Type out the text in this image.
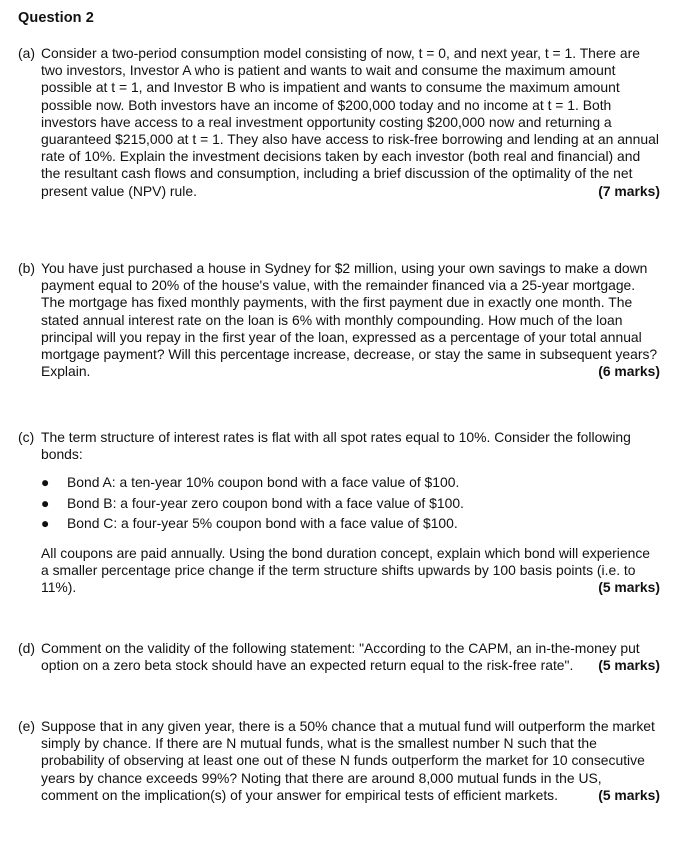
Question 2
(a) Consider a two-period consumption model consisting of now, t = 0, and next year, t = 1. There are two investors, Investor A who is patient and wants to wait and consume the maximum amount possible at t = 1, and Investor B who is impatient and wants to consume the maximum amount possible now. Both investors have an income of $200,000 today and no income at t = 1. Both investors have access to a real investment opportunity costing $200,000 now and returning a guaranteed $215,000 at t = 1. They also have access to risk-free borrowing and lending at an annual rate of 10%. Explain the investment decisions taken by each investor (both real and financial) and the resultant cash flows and consumption, including a brief discussion of the optimality of the net present value (NPV) rule.	(7 marks)
(b) You have just purchased a house in Sydney for $2 million, using your own savings to make a down payment equal to 20% of the house's value, with the remainder financed via a 25-year mortgage. The mortgage has fixed monthly payments, with the first payment due in exactly one month. The stated annual interest rate on the loan is 6% with monthly compounding. How much of the loan principal will you repay in the first year of the loan, expressed as a percentage of your total annual mortgage payment? Will this percentage increase, decrease, or stay the same in subsequent years? Explain.	(6 marks)
(c) The term structure of interest rates is flat with all spot rates equal to 10%. Consider the following bonds:
●	Bond A: a ten-year 10% coupon bond with a face value of $100.
●	Bond B: a four-year zero coupon bond with a face value of $100.
●	Bond C: a four-year 5% coupon bond with a face value of $100.
All coupons are paid annually. Using the bond duration concept, explain which bond will experience a smaller percentage price change if the term structure shifts upwards by 100 basis points (i.e. to 11%).	(5 marks)
(d) Comment on the validity of the following statement: "According to the CAPM, an in-the-money put option on a zero beta stock should have an expected return equal to the risk-free rate". (5 marks)
(e) Suppose that in any given year, there is a 50% chance that a mutual fund will outperform the market simply by chance. If there are N mutual funds, what is the smallest number N such that the probability of observing at least one out of these N funds outperform the market for 10 consecutive years by chance exceeds 99%? Noting that there are around 8,000 mutual funds in the US, comment on the implication(s) of your answer for empirical tests of efficient markets.	(5 marks)
